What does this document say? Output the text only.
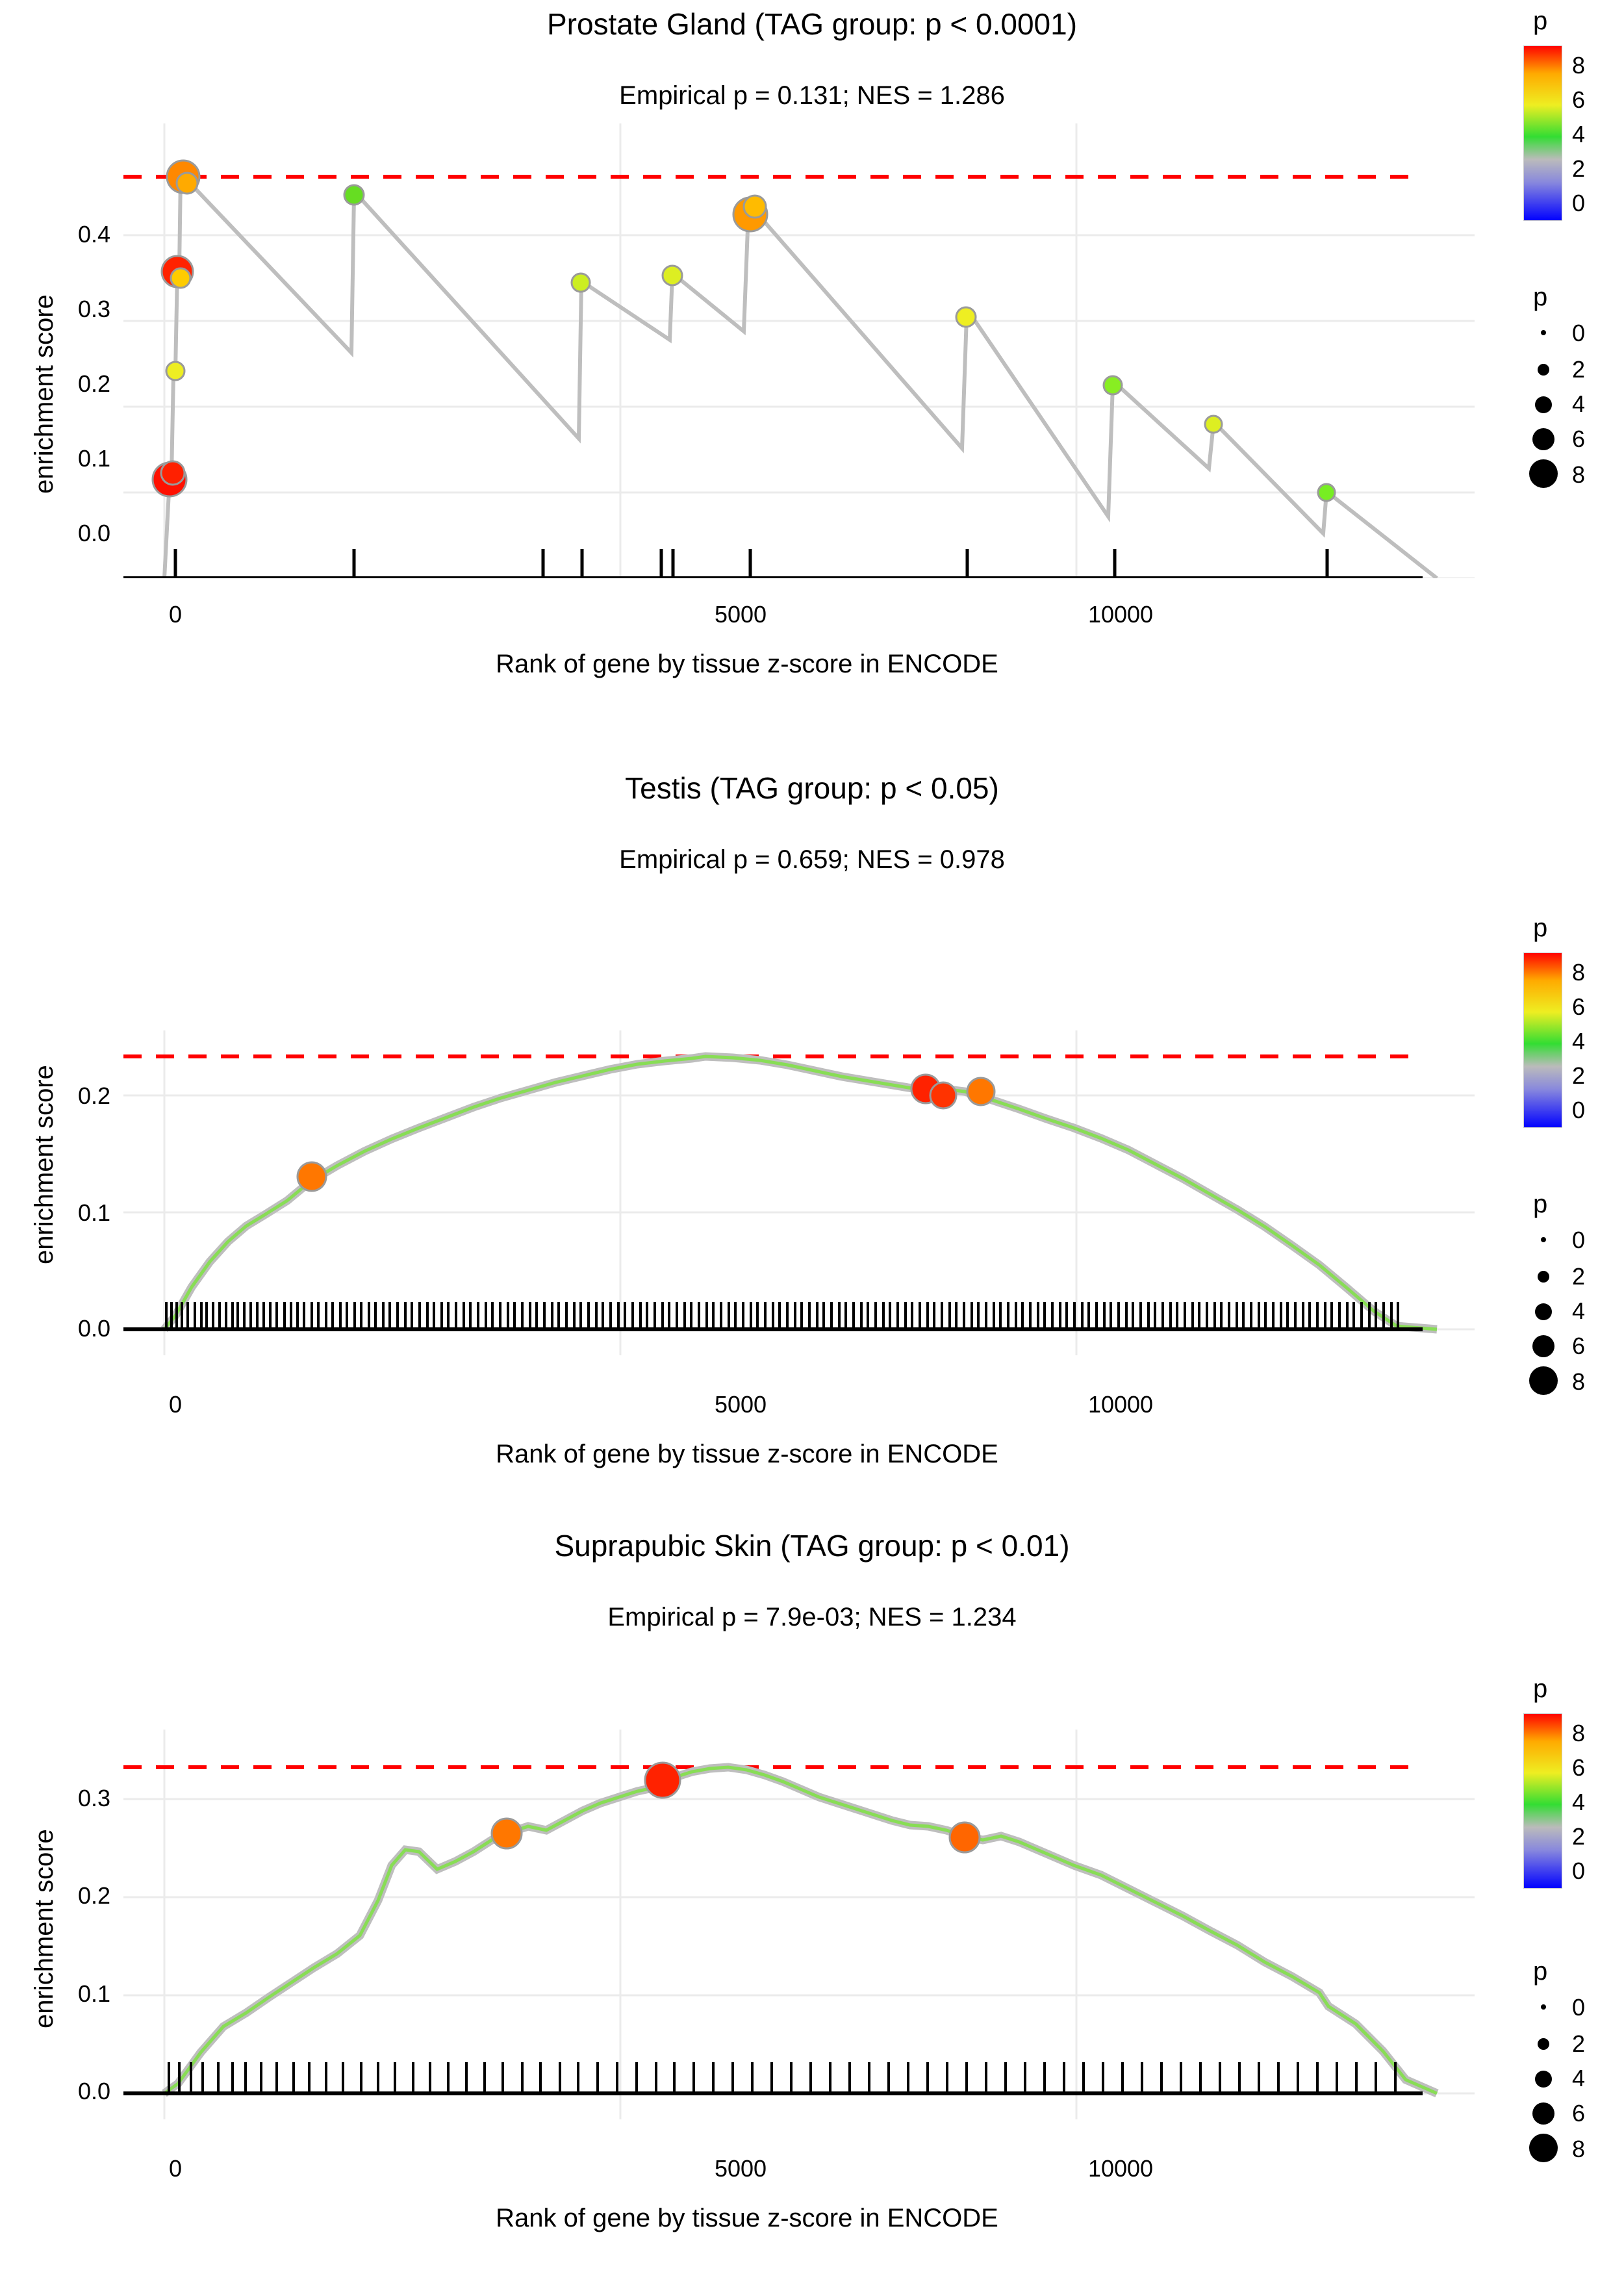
Prostate Gland (TAG group: p < 0.0001)
Empirical p = 0.131; NES = 1.286
enrichment score
0.4
0.3
0.2
0.1
0.0
0	5000	10000
Rank of gene by tissue z-score in ENCODE
p
8
6
4
2
0
p
0
2
4
6
8
Testis (TAG group: p < 0.05)
Empirical p = 0.659; NES = 0.978
enrichment score 0.2
0.1
0.0
0	5000	10000
Rank of gene by tissue z-score in ENCODE
p
8
6
4
2
0
p
0
2
4
6
8
Suprapubic Skin (TAG group: p < 0.01)
Empirical p = 7.9e-03; NES = 1.234
enrichment score
0.3
0.2
0.1
0.0
0	5000	10000
Rank of gene by tissue z-score in ENCODE
p
8
6
4
2
0
p
0
2
4
6
8
